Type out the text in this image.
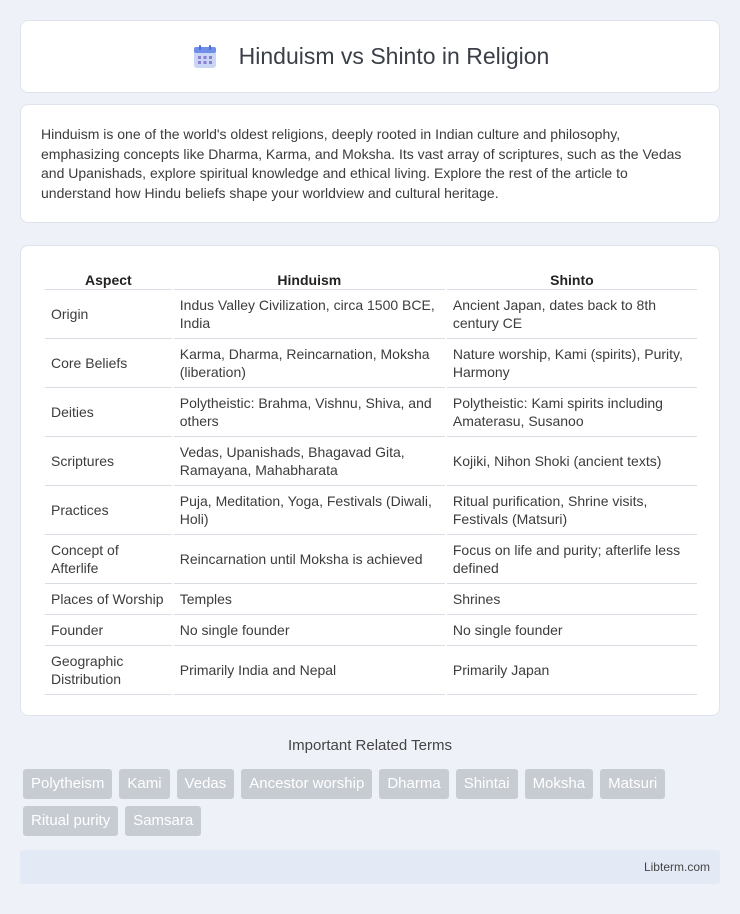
Hinduism vs Shinto in Religion

Hinduism is one of the world's oldest religions, deeply rooted in Indian culture and philosophy, emphasizing concepts like Dharma, Karma, and Moksha. Its vast array of scriptures, such as the Vedas and Upanishads, explore spiritual knowledge and ethical living. Explore the rest of the article to understand how Hindu beliefs shape your worldview and cultural heritage.

Aspect	Hinduism	Shinto
Origin	Indus Valley Civilization, circa 1500 BCE, India	Ancient Japan, dates back to 8th century CE
Core Beliefs	Karma, Dharma, Reincarnation, Moksha (liberation)	Nature worship, Kami (spirits), Purity, Harmony
Deities	Polytheistic: Brahma, Vishnu, Shiva, and others	Polytheistic: Kami spirits including Amaterasu, Susanoo
Scriptures	Vedas, Upanishads, Bhagavad Gita, Ramayana, Mahabharata	Kojiki, Nihon Shoki (ancient texts)
Practices	Puja, Meditation, Yoga, Festivals (Diwali, Holi)	Ritual purification, Shrine visits, Festivals (Matsuri)
Concept of Afterlife	Reincarnation until Moksha is achieved	Focus on life and purity; afterlife less defined
Places of Worship	Temples	Shrines
Founder	No single founder	No single founder
Geographic Distribution	Primarily India and Nepal	Primarily Japan
Important Related Terms
Polytheism	Kami	Vedas	Ancestor worship	Dharma	Shintai	Moksha	Matsuri
Ritual purity	Samsara
Libterm.com
